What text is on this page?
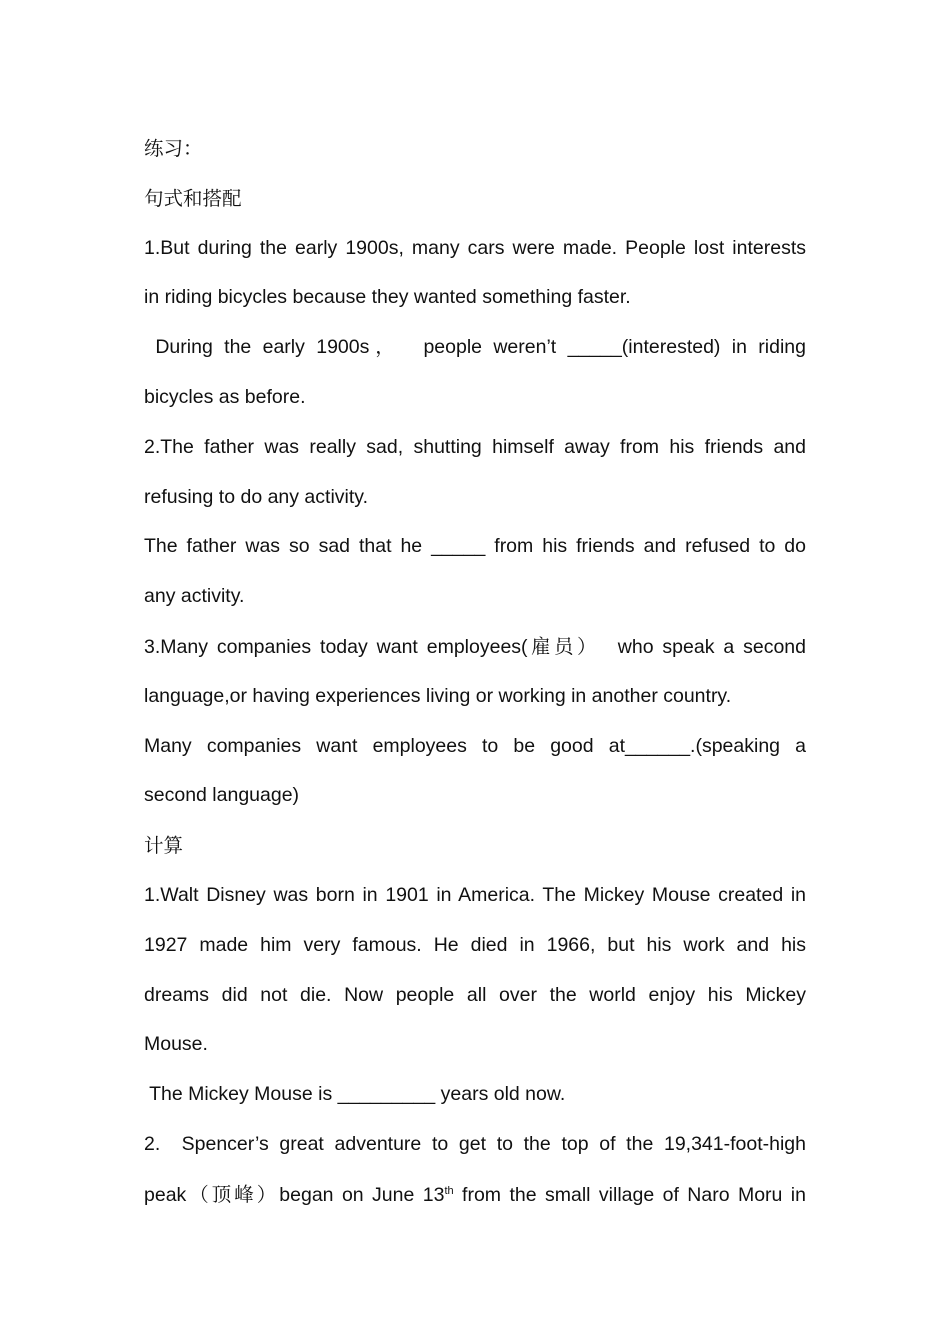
练习：
句式和搭配
1.But during the early 1900s, many cars were made. People lost interests
in riding bicycles because they wanted something faster.
During the early 1900s，  people weren’t _____(interested) in riding
bicycles as before.
2.The father was really sad, shutting himself away from his friends and
refusing to do any activity.
The father was so sad that he _____ from his friends and refused to do
any activity.
3.Many companies today want employees(雇员）  who speak a second
language,or having experiences living or working in another country.
Many companies want employees to be good at______.(speaking a
second language)
计算
1.Walt Disney was born in 1901 in America. The Mickey Mouse created in
1927 made him very famous. He died in 1966, but his work and his
dreams did not die. Now people all over the world enjoy his Mickey
Mouse.
The Mickey Mouse is _________ years old now.
2.  Spencer’s great adventure to get to the top of the 19,341-foot-high
peak（顶峰）began on June 13th from the small village of Naro Moru in
